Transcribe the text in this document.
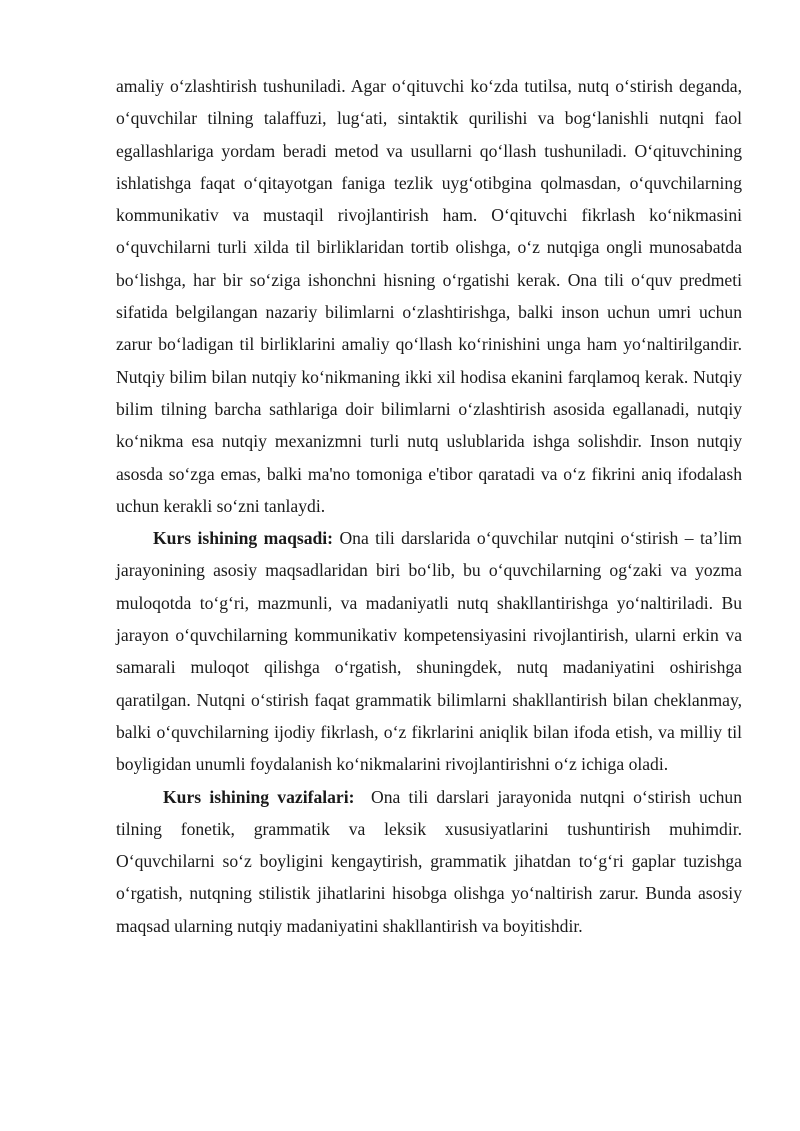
amaliy o‘zlashtirish tushuniladi. Agar o‘qituvchi ko‘zda tutilsa, nutq o‘stirish deganda, o‘quvchilar tilning talaffuzi, lug‘ati, sintaktik qurilishi va bog‘lanishli nutqni faol egallashlariga yordam beradi metod va usullarni qo‘llash tushuniladi. O‘qituvchining ishlatishga faqat o‘qitayotgan faniga tezlik uyg‘otibgina qolmasdan, o‘quvchilarning kommunikativ va mustaqil rivojlantirish ham. O‘qituvchi fikrlash ko‘nikmasini o‘quvchilarni turli xilda til birliklaridan tortib olishga, o‘z nutqiga ongli munosabatda bo‘lishga, har bir so‘ziga ishonchni hisning o‘rgatishi kerak. Ona tili o‘quv predmeti sifatida belgilangan nazariy bilimlarni o‘zlashtirishga, balki inson uchun umri uchun zarur bo‘ladigan til birliklarini amaliy qo‘llash ko‘rinishini unga ham yo‘naltirilgandir. Nutqiy bilim bilan nutqiy ko‘nikmaning ikki xil hodisa ekanini farqlamoq kerak. Nutqiy bilim tilning barcha sathlariga doir bilimlarni o‘zlashtirish asosida egallanadi, nutqiy ko‘nikma esa nutqiy mexanizmni turli nutq uslublarida ishga solishdir. Inson nutqiy asosda so‘zga emas, balki ma'no tomoniga e'tibor qaratadi va o‘z fikrini aniq ifodalash uchun kerakli so‘zni tanlaydi.

Kurs ishining maqsadi: Ona tili darslarida o‘quvchilar nutqini o‘stirish – ta’lim jarayonining asosiy maqsadlaridan biri bo‘lib, bu o‘quvchilarning og‘zaki va yozma muloqotda to‘g‘ri, mazmunli, va madaniyatli nutq shakllantirishga yo‘naltiriladi. Bu jarayon o‘quvchilarning kommunikativ kompetensiyasini rivojlantirish, ularni erkin va samarali muloqot qilishga o‘rgatish, shuningdek, nutq madaniyatini oshirishga qaratilgan. Nutqni o‘stirish faqat grammatik bilimlarni shakllantirish bilan cheklanmay, balki o‘quvchilarning ijodiy fikrlash, o‘z fikrlarini aniqlik bilan ifoda etish, va milliy til boyligidan unumli foydalanish ko‘nikmalarini rivojlantirishni o‘z ichiga oladi.

Kurs ishining vazifalari:  Ona tili darslari jarayonida nutqni o‘stirish uchun tilning fonetik, grammatik va leksik xususiyatlarini tushuntirish muhimdir. O‘quvchilarni so‘z boyligini kengaytirish, grammatik jihatdan to‘g‘ri gaplar tuzishga o‘rgatish, nutqning stilistik jihatlarini hisobga olishga yo‘naltirish zarur. Bunda asosiy maqsad ularning nutqiy madaniyatini shakllantirish va boyitishdir.
